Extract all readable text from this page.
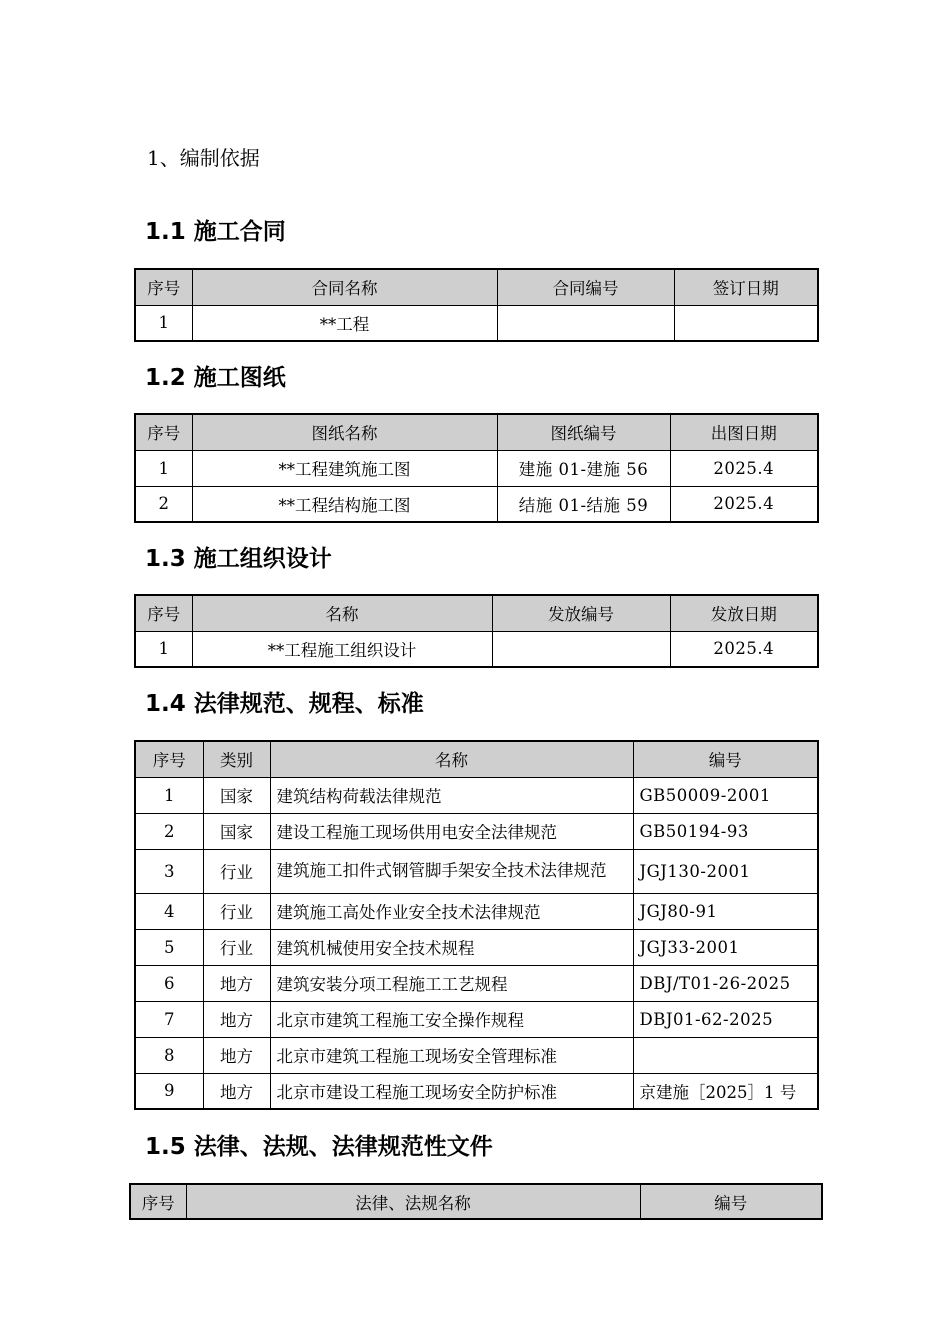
1、编制依据
1.1 施工合同
序号	合同名称	合同编号	签订日期
1	**工程		
1.2 施工图纸
序号	图纸名称	图纸编号	出图日期
1	**工程建筑施工图	建施 01-建施 56	2025.4
2	**工程结构施工图	结施 01-结施 59	2025.4
1.3 施工组织设计
序号	名称	发放编号	发放日期
1	**工程施工组织设计		2025.4
1.4 法律规范、规程、标准
序号	类别	名称	编号
1	国家	建筑结构荷载法律规范	GB50009-2001
2	国家	建设工程施工现场供用电安全法律规范	GB50194-93
3	行业	建筑施工扣件式钢管脚手架安全技术法律规范	JGJ130-2001
4	行业	建筑施工高处作业安全技术法律规范	JGJ80-91
5	行业	建筑机械使用安全技术规程	JGJ33-2001
6	地方	建筑安装分项工程施工工艺规程	DBJ/T01-26-2025
7	地方	北京市建筑工程施工安全操作规程	DBJ01-62-2025
8	地方	北京市建筑工程施工现场安全管理标准	
9	地方	北京市建设工程施工现场安全防护标准	京建施［2025］1 号
1.5 法律、法规、法律规范性文件
序号	法律、法规名称	编号
